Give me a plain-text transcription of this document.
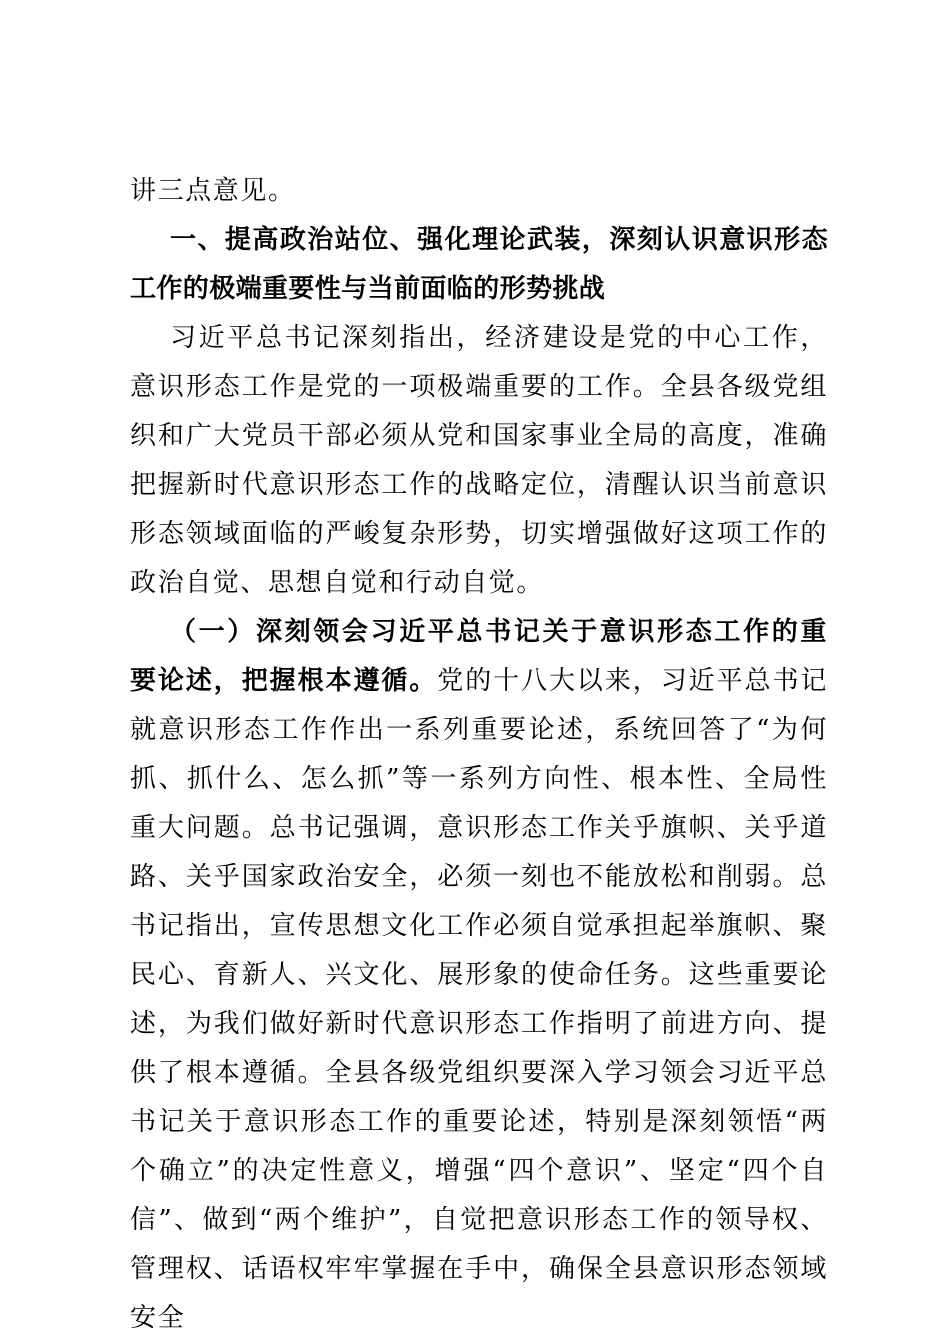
讲三点意见。

一、提高政治站位、强化理论武装，深刻认识意识形态工作的极端重要性与当前面临的形势挑战

习近平总书记深刻指出，经济建设是党的中心工作，意识形态工作是党的一项极端重要的工作。全县各级党组织和广大党员干部必须从党和国家事业全局的高度，准确把握新时代意识形态工作的战略定位，清醒认识当前意识形态领域面临的严峻复杂形势，切实增强做好这项工作的政治自觉、思想自觉和行动自觉。

（一）深刻领会习近平总书记关于意识形态工作的重要论述，把握根本遵循。党的十八大以来，习近平总书记就意识形态工作作出一系列重要论述，系统回答了“为何抓、抓什么、怎么抓”等一系列方向性、根本性、全局性重大问题。总书记强调，意识形态工作关乎旗帜、关乎道路、关乎国家政治安全，必须一刻也不能放松和削弱。总书记指出，宣传思想文化工作必须自觉承担起举旗帜、聚民心、育新人、兴文化、展形象的使命任务。这些重要论述，为我们做好新时代意识形态工作指明了前进方向、提供了根本遵循。全县各级党组织要深入学习领会习近平总书记关于意识形态工作的重要论述，特别是深刻领悟“两个确立”的决定性意义，增强“四个意识”、坚定“四个自信”、做到“两个维护”，自觉把意识形态工作的领导权、管理权、话语权牢牢掌握在手中，确保全县意识形态领域安全
